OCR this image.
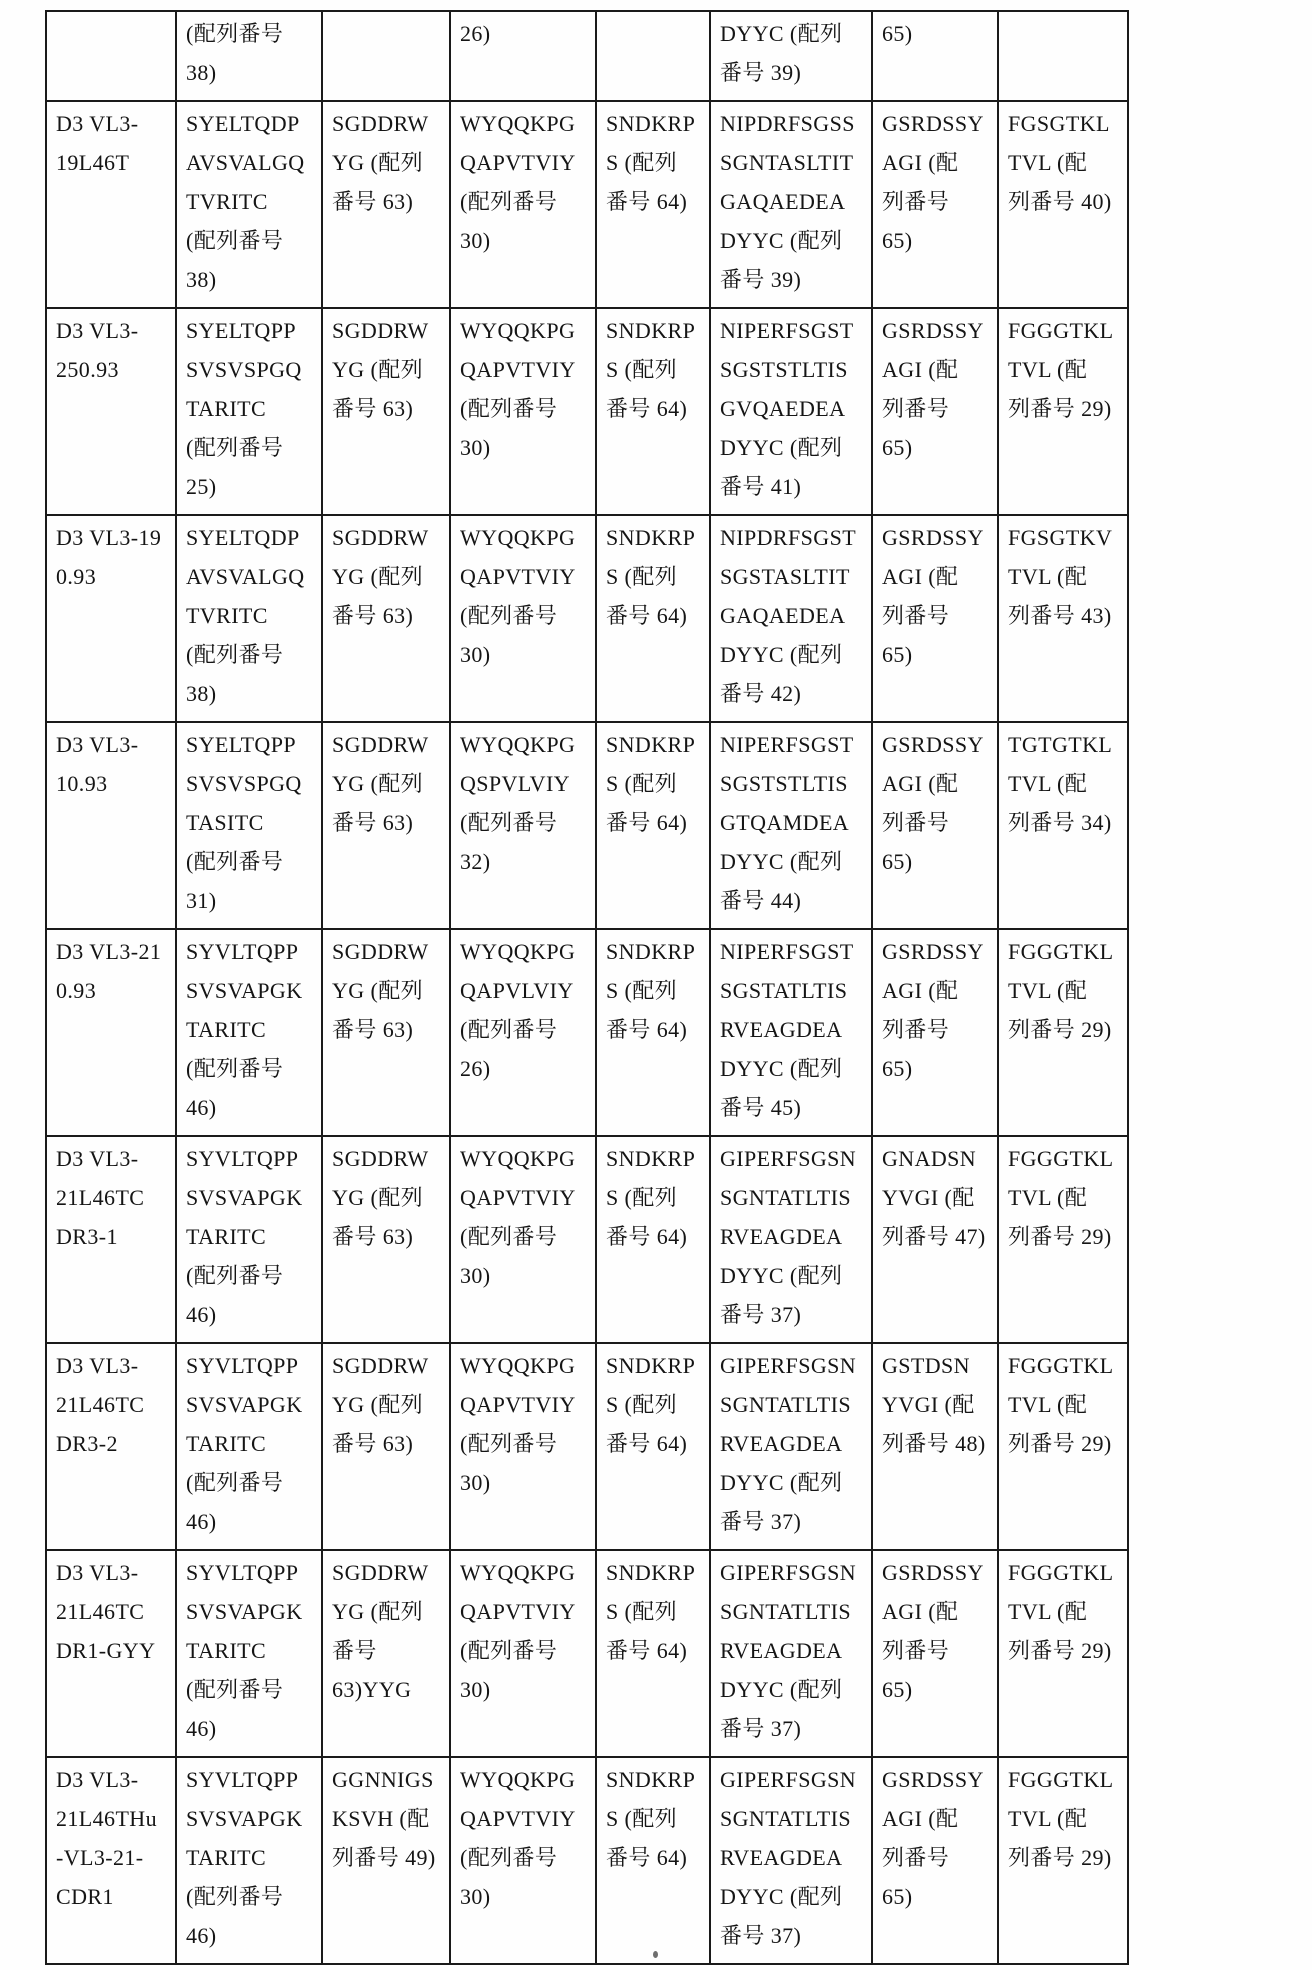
	(配列番号
38)		26)		DYYC (配列
番号 39)	65)	
D3 VL3-
19L46T	SYELTQDP
AVSVALGQ
TVRITC
(配列番号
38)	SGDDRW
YG (配列
番号 63)	WYQQKPG
QAPVTVIY
(配列番号
30)	SNDKRP
S (配列
番号 64)	NIPDRFSGSS
SGNTASLTIT
GAQAEDEA
DYYC (配列
番号 39)	GSRDSSY
AGI (配
列番号
65)	FGSGTKL
TVL (配
列番号 40)
D3 VL3-
250.93	SYELTQPP
SVSVSPGQ
TARITC
(配列番号
25)	SGDDRW
YG (配列
番号 63)	WYQQKPG
QAPVTVIY
(配列番号
30)	SNDKRP
S (配列
番号 64)	NIPERFSGST
SGSTSTLTIS
GVQAEDEA
DYYC (配列
番号 41)	GSRDSSY
AGI (配
列番号
65)	FGGGTKL
TVL (配
列番号 29)
D3 VL3-19
0.93	SYELTQDP
AVSVALGQ
TVRITC
(配列番号
38)	SGDDRW
YG (配列
番号 63)	WYQQKPG
QAPVTVIY
(配列番号
30)	SNDKRP
S (配列
番号 64)	NIPDRFSGST
SGSTASLTIT
GAQAEDEA
DYYC (配列
番号 42)	GSRDSSY
AGI (配
列番号
65)	FGSGTKV
TVL (配
列番号 43)
D3 VL3-
10.93	SYELTQPP
SVSVSPGQ
TASITC
(配列番号
31)	SGDDRW
YG (配列
番号 63)	WYQQKPG
QSPVLVIY
(配列番号
32)	SNDKRP
S (配列
番号 64)	NIPERFSGST
SGSTSTLTIS
GTQAMDEA
DYYC (配列
番号 44)	GSRDSSY
AGI (配
列番号
65)	TGTGTKL
TVL (配
列番号 34)
D3 VL3-21
0.93	SYVLTQPP
SVSVAPGK
TARITC
(配列番号
46)	SGDDRW
YG (配列
番号 63)	WYQQKPG
QAPVLVIY
(配列番号
26)	SNDKRP
S (配列
番号 64)	NIPERFSGST
SGSTATLTIS
RVEAGDEA
DYYC (配列
番号 45)	GSRDSSY
AGI (配
列番号
65)	FGGGTKL
TVL (配
列番号 29)
D3 VL3-
21L46TC
DR3-1	SYVLTQPP
SVSVAPGK
TARITC
(配列番号
46)	SGDDRW
YG (配列
番号 63)	WYQQKPG
QAPVTVIY
(配列番号
30)	SNDKRP
S (配列
番号 64)	GIPERFSGSN
SGNTATLTIS
RVEAGDEA
DYYC (配列
番号 37)	GNADSN
YVGI (配
列番号 47)	FGGGTKL
TVL (配
列番号 29)
D3 VL3-
21L46TC
DR3-2	SYVLTQPP
SVSVAPGK
TARITC
(配列番号
46)	SGDDRW
YG (配列
番号 63)	WYQQKPG
QAPVTVIY
(配列番号
30)	SNDKRP
S (配列
番号 64)	GIPERFSGSN
SGNTATLTIS
RVEAGDEA
DYYC (配列
番号 37)	GSTDSN
YVGI (配
列番号 48)	FGGGTKL
TVL (配
列番号 29)
D3 VL3-
21L46TC
DR1-GYY	SYVLTQPP
SVSVAPGK
TARITC
(配列番号
46)	SGDDRW
YG (配列
番号
63)YYG	WYQQKPG
QAPVTVIY
(配列番号
30)	SNDKRP
S (配列
番号 64)	GIPERFSGSN
SGNTATLTIS
RVEAGDEA
DYYC (配列
番号 37)	GSRDSSY
AGI (配
列番号
65)	FGGGTKL
TVL (配
列番号 29)
D3 VL3-
21L46THu
-VL3-21-
CDR1	SYVLTQPP
SVSVAPGK
TARITC
(配列番号
46)	GGNNIGS
KSVH (配
列番号 49)	WYQQKPG
QAPVTVIY
(配列番号
30)	SNDKRP
S (配列
番号 64)	GIPERFSGSN
SGNTATLTIS
RVEAGDEA
DYYC (配列
番号 37)	GSRDSSY
AGI (配
列番号
65)	FGGGTKL
TVL (配
列番号 29)
